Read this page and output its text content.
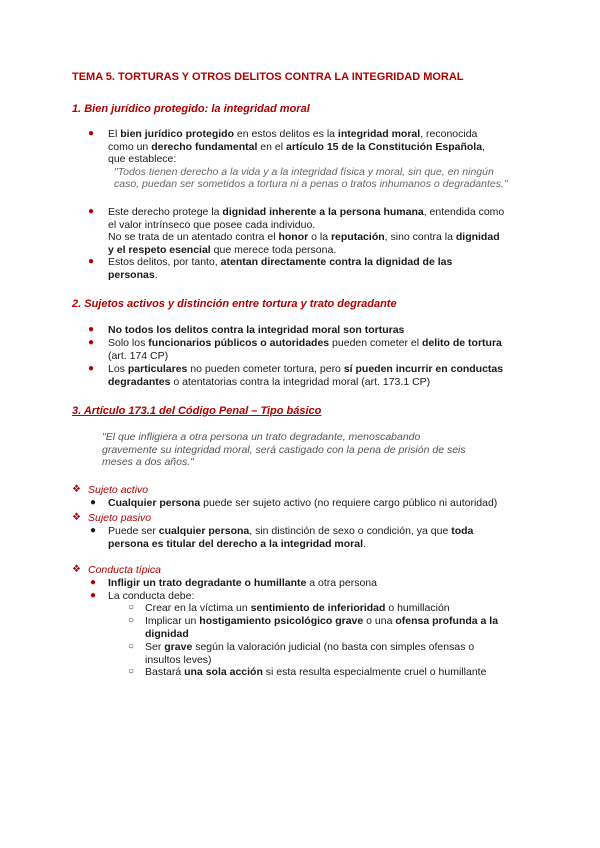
TEMA 5. TORTURAS Y OTROS DELITOS CONTRA LA INTEGRIDAD MORAL
1. Bien jurídico protegido: la integridad moral
● El bien jurídico protegido en estos delitos es la integridad moral, reconocida
como un derecho fundamental en el artículo 15 de la Constitución Española,
que establece:
"Todos tienen derecho a la vida y a la integridad física y moral, sin que, en ningún
caso, puedan ser sometidos a tortura ni a penas o tratos inhumanos o degradantes."
● Este derecho protege la dignidad inherente a la persona humana, entendida como
el valor intrínseco que posee cada individuo.
No se trata de un atentado contra el honor o la reputación, sino contra la dignidad
y el respeto esencial que merece toda persona.
● Estos delitos, por tanto, atentan directamente contra la dignidad de las
personas.
2. Sujetos activos y distinción entre tortura y trato degradante
● No todos los delitos contra la integridad moral son torturas
● Solo los funcionarios públicos o autoridades pueden cometer el delito de tortura
(art. 174 CP)
● Los particulares no pueden cometer tortura, pero sí pueden incurrir en conductas
degradantes o atentatorias contra la integridad moral (art. 173.1 CP)
3. Artículo 173.1 del Código Penal – Tipo básico
"El que infligiera a otra persona un trato degradante, menoscabando
gravemente su integridad moral, será castigado con la pena de prisión de seis
meses a dos años."
❖ Sujeto activo
● Cualquier persona puede ser sujeto activo (no requiere cargo público ni autoridad)
❖ Sujeto pasivo
● Puede ser cualquier persona, sin distinción de sexo o condición, ya que toda
persona es titular del derecho a la integridad moral.
❖ Conducta típica
● Infligir un trato degradante o humillante a otra persona
● La conducta debe:
○ Crear en la víctima un sentimiento de inferioridad o humillación
○ Implicar un hostigamiento psicológico grave o una ofensa profunda a la
dignidad
○ Ser grave según la valoración judicial (no basta con simples ofensas o
insultos leves)
○ Bastará una sola acción si esta resulta especialmente cruel o humillante
